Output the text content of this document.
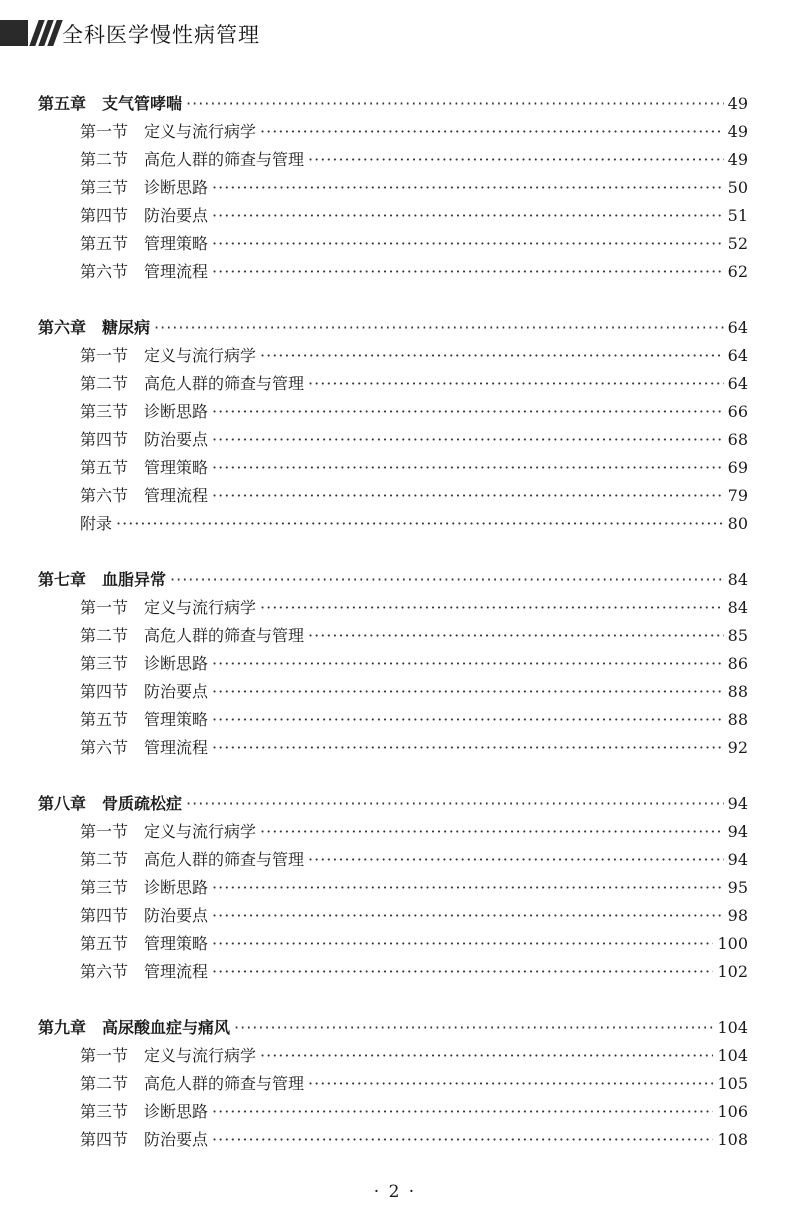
全科医学慢性病管理
第五章 支气管哮喘 ·····	49
第一节 定义与流行病学 ·····	49
第二节 高危人群的筛查与管理 ·····	49
第三节 诊断思路 ·····	50
第四节 防治要点 ·····	51
第五节 管理策略 ·····	52
第六节 管理流程 ·····	62
第六章 糖尿病 ·····	64
第一节 定义与流行病学 ·····	64
第二节 高危人群的筛查与管理 ·····	64
第三节 诊断思路 ·····	66
第四节 防治要点 ·····	68
第五节 管理策略 ·····	69
第六节 管理流程 ·····	79
附录 ·····	80
第七章 血脂异常 ·····	84
第一节 定义与流行病学 ·····	84
第二节 高危人群的筛查与管理 ·····	85
第三节 诊断思路 ·····	86
第四节 防治要点 ·····	88
第五节 管理策略 ·····	88
第六节 管理流程 ·····	92
第八章 骨质疏松症 ·····	94
第一节 定义与流行病学 ·····	94
第二节 高危人群的筛查与管理 ·····	94
第三节 诊断思路 ·····	95
第四节 防治要点 ·····	98
第五节 管理策略 ·····	100
第六节 管理流程 ·····	102
第九章 高尿酸血症与痛风 ·····	104
第一节 定义与流行病学 ·····	104
第二节 高危人群的筛查与管理 ·····	105
第三节 诊断思路 ·····	106
第四节 防治要点 ·····	108
· 2 ·
